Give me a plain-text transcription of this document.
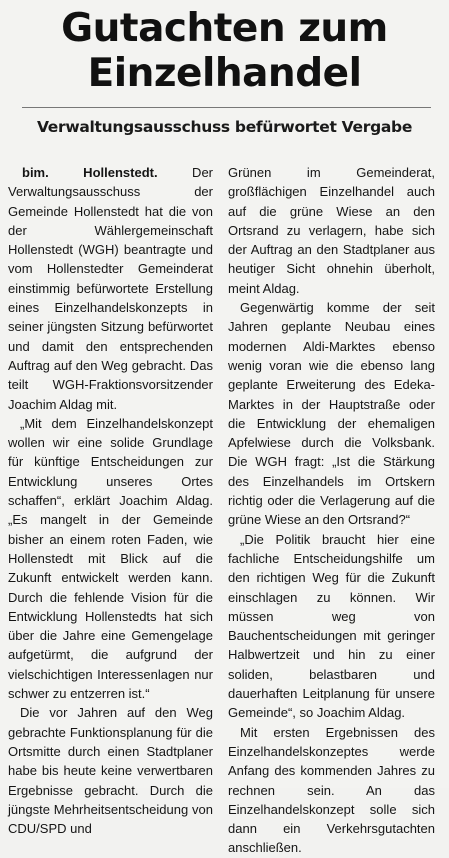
Gutachten zum
Einzelhandel
Verwaltungsausschuss befürwortet Vergabe

bim. Hollenstedt. Der Verwaltungsausschuss der Gemeinde Hollenstedt hat die von der Wählergemeinschaft Hollenstedt (WGH) beantragte und vom Hollenstedter Gemeinderat einstimmig befürwortete Erstellung eines Einzelhandelskonzepts in seiner jüngsten Sitzung befürwortet und damit den entsprechenden Auftrag auf den Weg gebracht. Das teilt WGH-Fraktionsvorsitzender Joachim Aldag mit.

„Mit dem Einzelhandelskonzept wollen wir eine solide Grundlage für künftige Entscheidungen zur Entwicklung unseres Ortes schaffen“, erklärt Joachim Aldag. „Es mangelt in der Gemeinde bisher an einem roten Faden, wie Hollenstedt mit Blick auf die Zukunft entwickelt werden kann. Durch die fehlende Vision für die Entwicklung Hollenstedts hat sich über die Jahre eine Gemengelage aufgetürmt, die aufgrund der vielschichtigen Interessenlagen nur schwer zu entzerren ist.“

Die vor Jahren auf den Weg gebrachte Funktionsplanung für die Ortsmitte durch einen Stadtplaner habe bis heute keine verwertbaren Ergebnisse gebracht. Durch die jüngste Mehrheitsentscheidung von CDU/SPD und

Grünen im Gemeinderat, großflächigen Einzelhandel auch auf die grüne Wiese an den Ortsrand zu verlagern, habe sich der Auftrag an den Stadtplaner aus heutiger Sicht ohnehin überholt, meint Aldag.

Gegenwärtig komme der seit Jahren geplante Neubau eines modernen Aldi-Marktes ebenso wenig voran wie die ebenso lang geplante Erweiterung des Edeka-Marktes in der Hauptstraße oder die Entwicklung der ehemaligen Apfelwiese durch die Volksbank. Die WGH fragt: „Ist die Stärkung des Einzelhandels im Ortskern richtig oder die Verlagerung auf die grüne Wiese an den Ortsrand?“

„Die Politik braucht hier eine fachliche Entscheidungshilfe um den richtigen Weg für die Zukunft einschlagen zu können. Wir müssen weg von Bauchentscheidungen mit geringer Halbwertzeit und hin zu einer soliden, belastbaren und dauerhaften Leitplanung für unsere Gemeinde“, so Joachim Aldag.

Mit ersten Ergebnissen des Einzelhandelskonzeptes werde Anfang des kommenden Jahres zu rechnen sein. An das Einzelhandelskonzept solle sich dann ein Verkehrsgutachten anschließen.
